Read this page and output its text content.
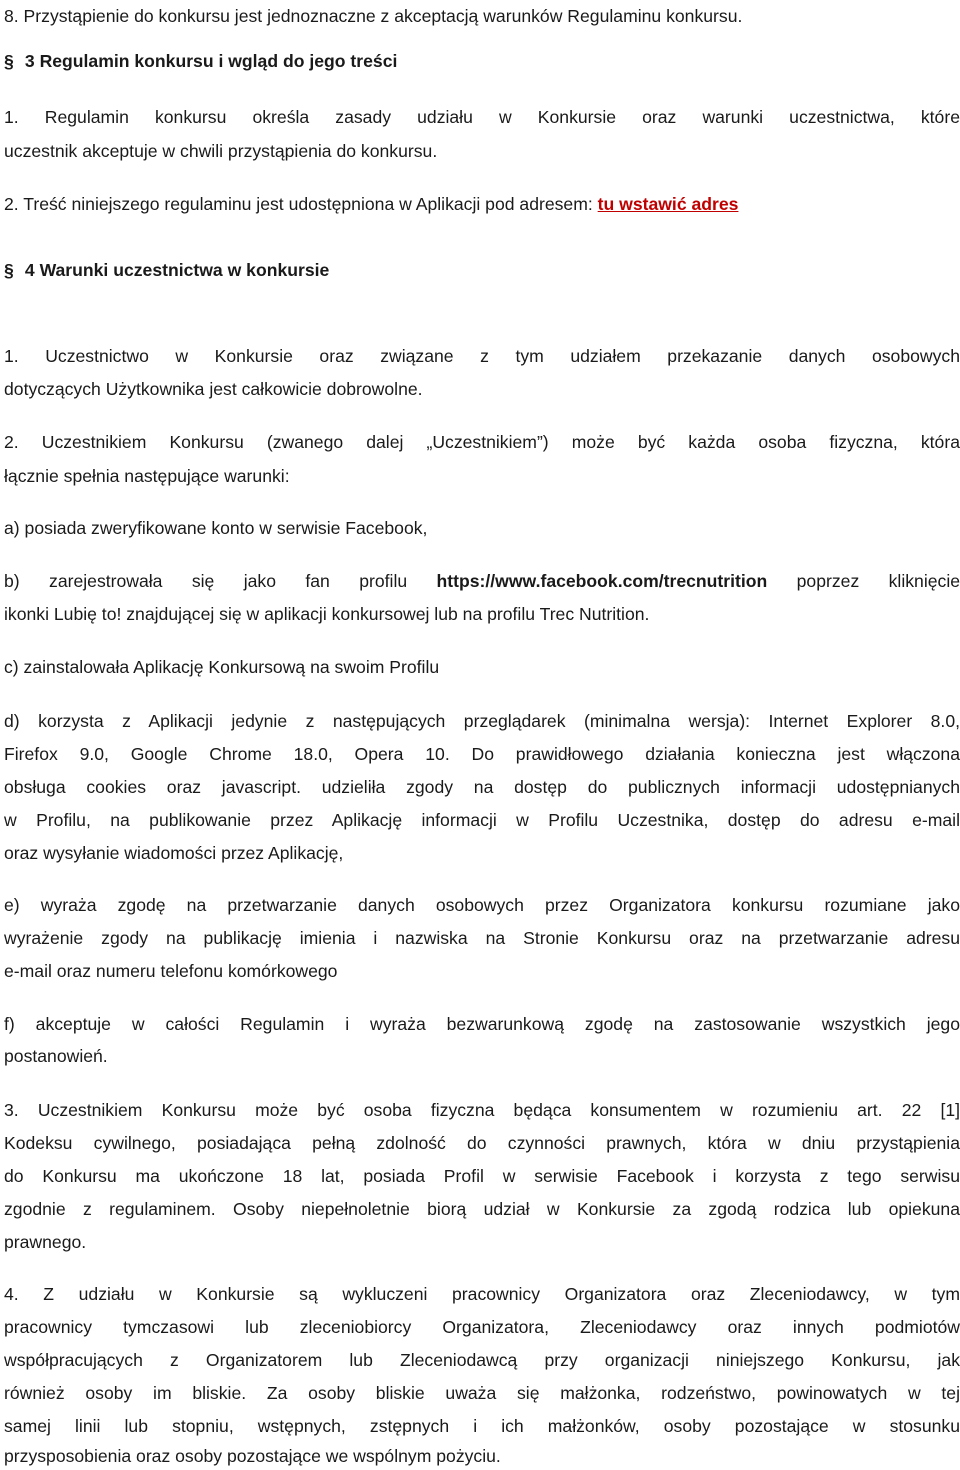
8. Przystąpienie do konkursu jest jednoznaczne z akceptacją warunków Regulaminu konkursu.
§ 3 Regulamin konkursu i wgląd do jego treści
1. Regulamin konkursu określa zasady udziału w Konkursie oraz warunki uczestnictwa, które
uczestnik akceptuje w chwili przystąpienia do konkursu.
2. Treść niniejszego regulaminu jest udostępniona w Aplikacji pod adresem: tu wstawić adres
§ 4 Warunki uczestnictwa w konkursie
1. Uczestnictwo w Konkursie oraz związane z tym udziałem przekazanie danych osobowych
dotyczących Użytkownika jest całkowicie dobrowolne.
2. Uczestnikiem Konkursu (zwanego dalej „Uczestnikiem”) może być każda osoba fizyczna, która
łącznie spełnia następujące warunki:
a) posiada zweryfikowane konto w serwisie Facebook,
b) zarejestrowała się jako fan profilu https://www.facebook.com/trecnutrition poprzez kliknięcie
ikonki Lubię to! znajdującej się w aplikacji konkursowej lub na profilu Trec Nutrition.
c) zainstalowała Aplikację Konkursową na swoim Profilu
d) korzysta z Aplikacji jedynie z następujących przeglądarek (minimalna wersja): Internet Explorer 8.0,
Firefox 9.0, Google Chrome 18.0, Opera 10. Do prawidłowego działania konieczna jest włączona
obsługa cookies oraz javascript. udzieliła zgody na dostęp do publicznych informacji udostępnianych
w Profilu, na publikowanie przez Aplikację informacji w Profilu Uczestnika, dostęp do adresu e-mail
oraz wysyłanie wiadomości przez Aplikację,
e) wyraża zgodę na przetwarzanie danych osobowych przez Organizatora konkursu rozumiane jako
wyrażenie zgody na publikację imienia i nazwiska na Stronie Konkursu oraz na przetwarzanie adresu
e-mail oraz numeru telefonu komórkowego
f) akceptuje w całości Regulamin i wyraża bezwarunkową zgodę na zastosowanie wszystkich jego
postanowień.
3. Uczestnikiem Konkursu może być osoba fizyczna będąca konsumentem w rozumieniu art. 22 [1]
Kodeksu cywilnego, posiadająca pełną zdolność do czynności prawnych, która w dniu przystąpienia
do Konkursu ma ukończone 18 lat, posiada Profil w serwisie Facebook i korzysta z tego serwisu
zgodnie z regulaminem. Osoby niepełnoletnie biorą udział w Konkursie za zgodą rodzica lub opiekuna
prawnego.
4. Z udziału w Konkursie są wykluczeni pracownicy Organizatora oraz Zleceniodawcy, w tym
pracownicy tymczasowi lub zleceniobiorcy Organizatora, Zleceniodawcy oraz innych podmiotów
współpracujących z Organizatorem lub Zleceniodawcą przy organizacji niniejszego Konkursu, jak
również osoby im bliskie. Za osoby bliskie uważa się małżonka, rodzeństwo, powinowatych w tej
samej linii lub stopniu, wstępnych, zstępnych i ich małżonków, osoby pozostające w stosunku
przysposobienia oraz osoby pozostające we wspólnym pożyciu.
